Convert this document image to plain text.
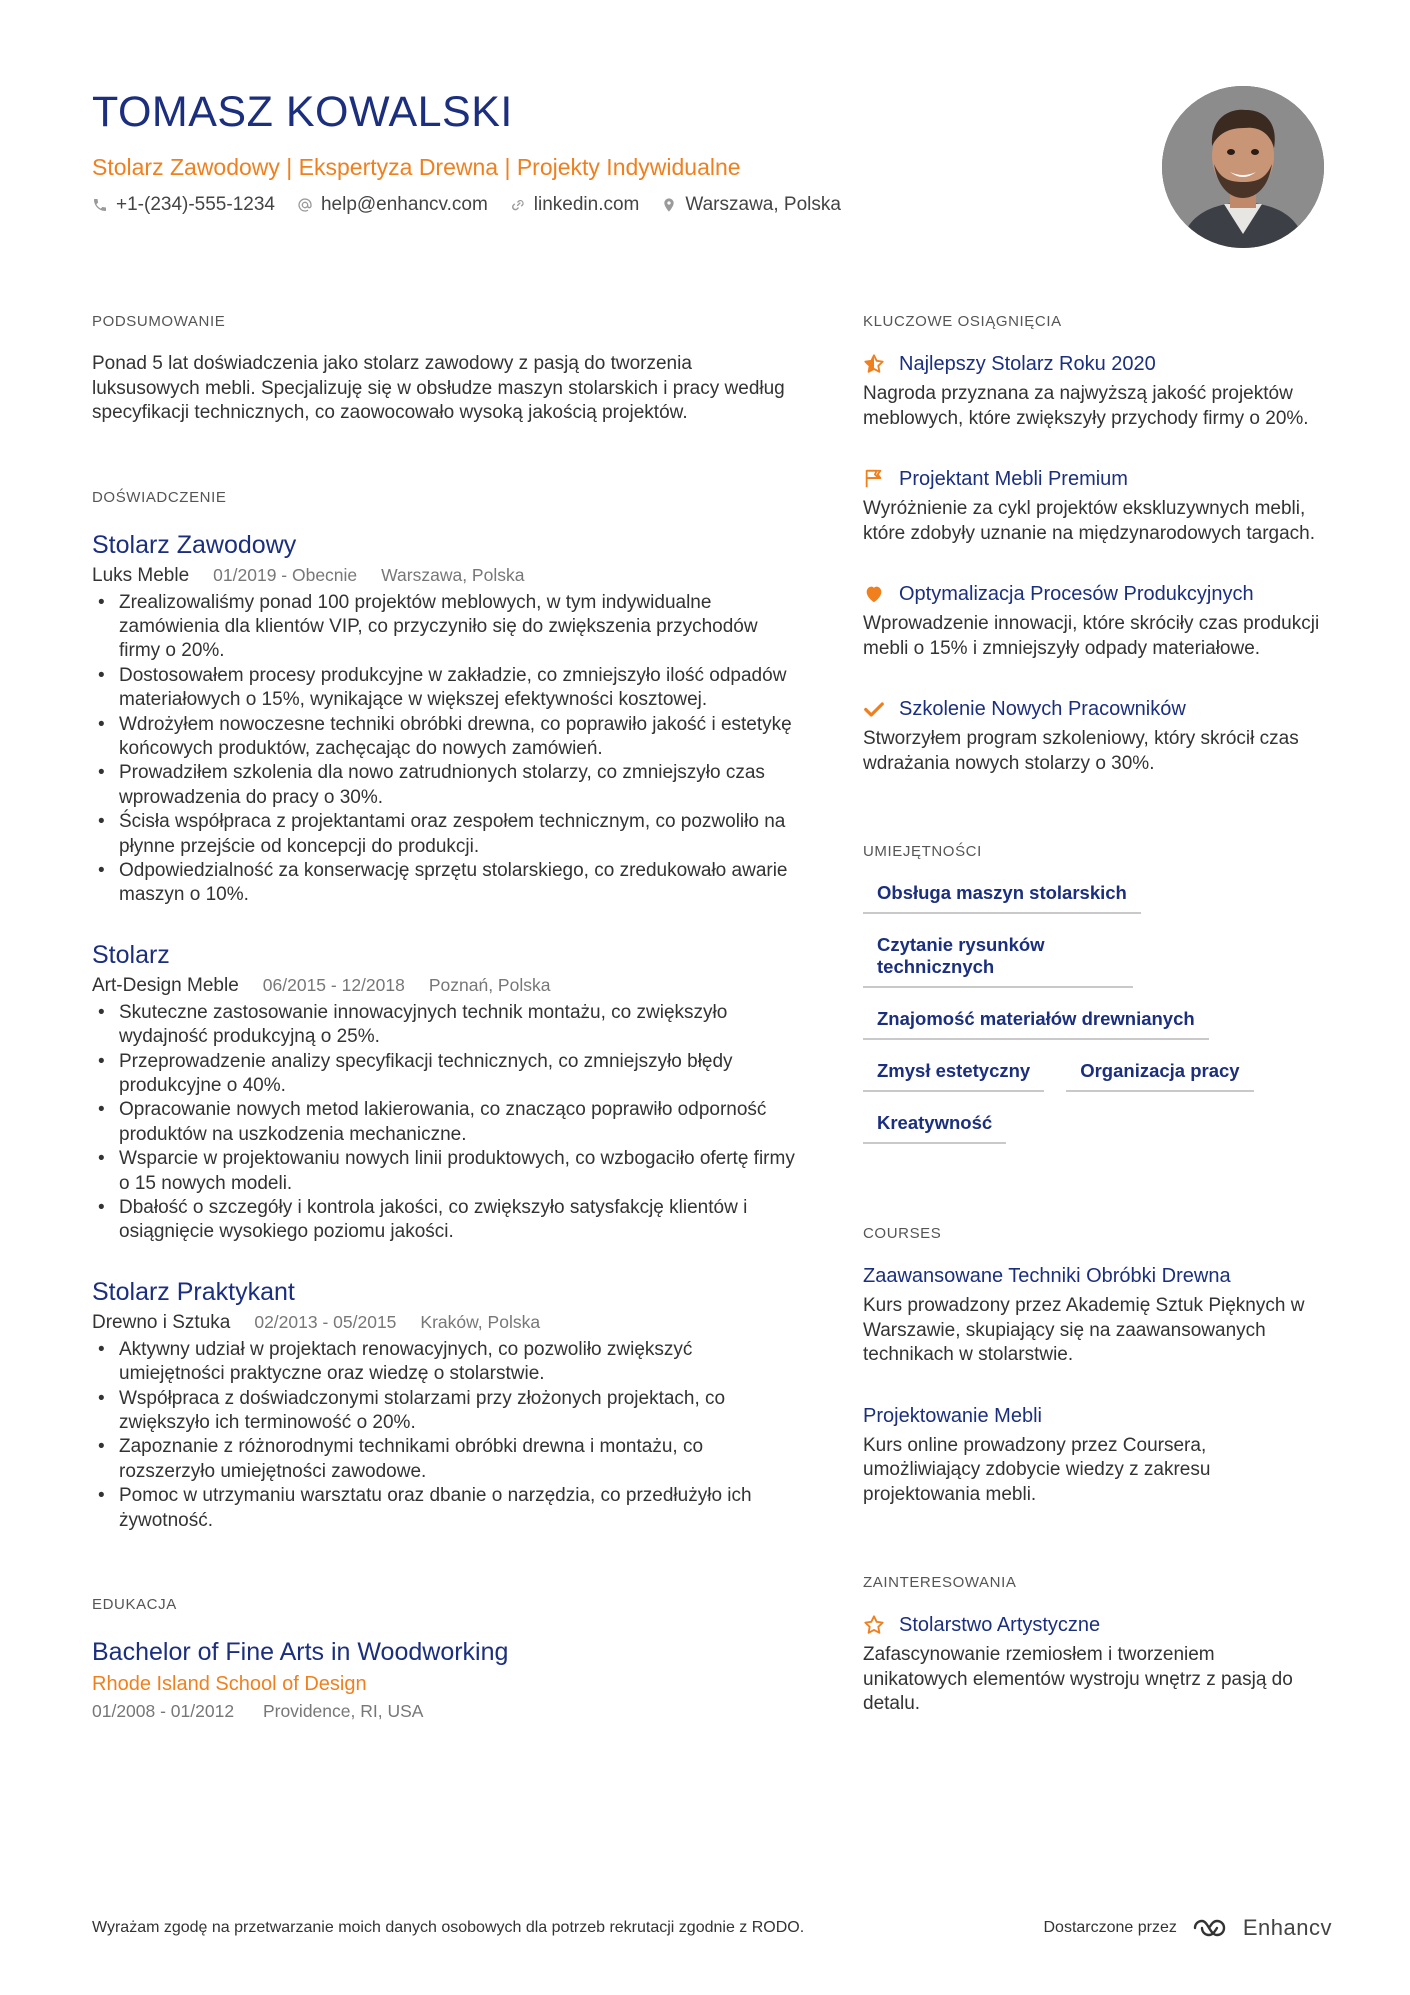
TOMASZ KOWALSKI
Stolarz Zawodowy | Ekspertyza Drewna | Projekty Indywidualne
+1-(234)-555-1234 help@enhancv.com linkedin.com Warszawa, Polska
PODSUMOWANIE
Ponad 5 lat doświadczenia jako stolarz zawodowy z pasją do tworzenia luksusowych mebli. Specjalizuję się w obsłudze maszyn stolarskich i pracy według specyfikacji technicznych, co zaowocowało wysoką jakością projektów.
DOŚWIADCZENIE
Stolarz Zawodowy
Luks Meble 01/2019 - Obecnie Warszawa, Polska
• Zrealizowaliśmy ponad 100 projektów meblowych, w tym indywidualne zamówienia dla klientów VIP, co przyczyniło się do zwiększenia przychodów firmy o 20%.
• Dostosowałem procesy produkcyjne w zakładzie, co zmniejszyło ilość odpadów materiałowych o 15%, wynikające w większej efektywności kosztowej.
• Wdrożyłem nowoczesne techniki obróbki drewna, co poprawiło jakość i estetykę końcowych produktów, zachęcając do nowych zamówień.
• Prowadziłem szkolenia dla nowo zatrudnionych stolarzy, co zmniejszyło czas wprowadzenia do pracy o 30%.
• Ścisła współpraca z projektantami oraz zespołem technicznym, co pozwoliło na płynne przejście od koncepcji do produkcji.
• Odpowiedzialność za konserwację sprzętu stolarskiego, co zredukowało awarie maszyn o 10%.
Stolarz
Art-Design Meble 06/2015 - 12/2018 Poznań, Polska
• Skuteczne zastosowanie innowacyjnych technik montażu, co zwiększyło wydajność produkcyjną o 25%.
• Przeprowadzenie analizy specyfikacji technicznych, co zmniejszyło błędy produkcyjne o 40%.
• Opracowanie nowych metod lakierowania, co znacząco poprawiło odporność produktów na uszkodzenia mechaniczne.
• Wsparcie w projektowaniu nowych linii produktowych, co wzbogaciło ofertę firmy o 15 nowych modeli.
• Dbałość o szczegóły i kontrola jakości, co zwiększyło satysfakcję klientów i osiągnięcie wysokiego poziomu jakości.
Stolarz Praktykant
Drewno i Sztuka 02/2013 - 05/2015 Kraków, Polska
• Aktywny udział w projektach renowacyjnych, co pozwoliło zwiększyć umiejętności praktyczne oraz wiedzę o stolarstwie.
• Współpraca z doświadczonymi stolarzami przy złożonych projektach, co zwiększyło ich terminowość o 20%.
• Zapoznanie z różnorodnymi technikami obróbki drewna i montażu, co rozszerzyło umiejętności zawodowe.
• Pomoc w utrzymaniu warsztatu oraz dbanie o narzędzia, co przedłużyło ich żywotność.
EDUKACJA
Bachelor of Fine Arts in Woodworking
Rhode Island School of Design
01/2008 - 01/2012 Providence, RI, USA
KLUCZOWE OSIĄGNIĘCIA
Najlepszy Stolarz Roku 2020
Nagroda przyznana za najwyższą jakość projektów meblowych, które zwiększyły przychody firmy o 20%.
Projektant Mebli Premium
Wyróżnienie za cykl projektów ekskluzywnych mebli, które zdobyły uznanie na międzynarodowych targach.
Optymalizacja Procesów Produkcyjnych
Wprowadzenie innowacji, które skróciły czas produkcji mebli o 15% i zmniejszyły odpady materiałowe.
Szkolenie Nowych Pracowników
Stworzyłem program szkoleniowy, który skrócił czas wdrażania nowych stolarzy o 30%.
UMIEJĘTNOŚCI
Obsługa maszyn stolarskich
Czytanie rysunków technicznych
Znajomość materiałów drewnianych
Zmysł estetyczny	Organizacja pracy
Kreatywność
COURSES
Zaawansowane Techniki Obróbki Drewna
Kurs prowadzony przez Akademię Sztuk Pięknych w Warszawie, skupiający się na zaawansowanych technikach w stolarstwie.
Projektowanie Mebli
Kurs online prowadzony przez Coursera, umożliwiający zdobycie wiedzy z zakresu projektowania mebli.
ZAINTERESOWANIA
Stolarstwo Artystyczne
Zafascynowanie rzemiosłem i tworzeniem unikatowych elementów wystroju wnętrz z pasją do detalu.
Wyrażam zgodę na przetwarzanie moich danych osobowych dla potrzeb rekrutacji zgodnie z RODO.	Dostarczone przez	Enhancv
